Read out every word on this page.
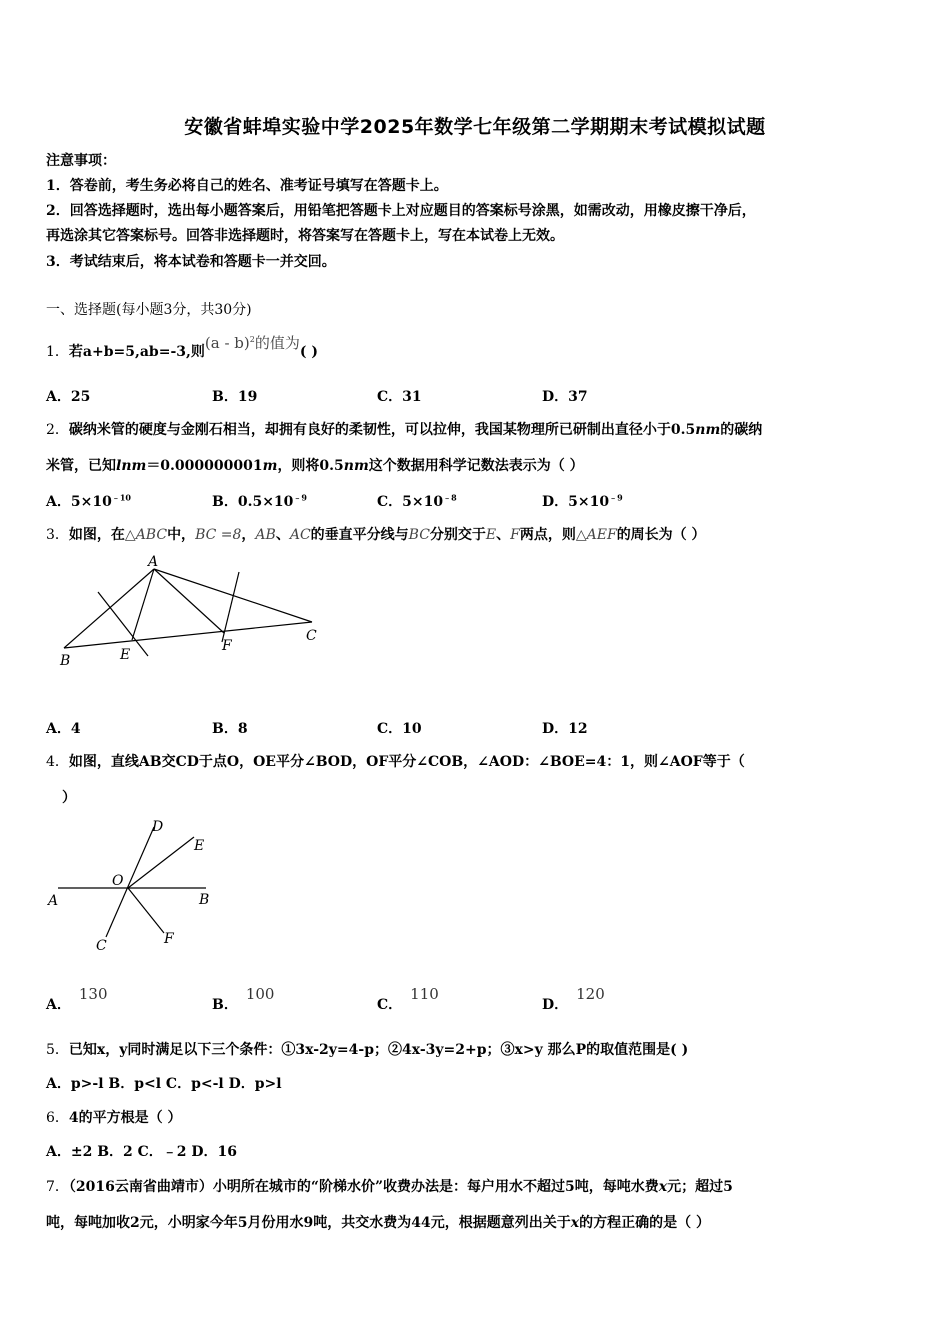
安徽省蚌埠实验中学2025年数学七年级第二学期期末考试模拟试题
注意事项：
1．答卷前，考生务必将自己的姓名、准考证号填写在答题卡上。
2．回答选择题时，选出每小题答案后，用铅笔把答题卡上对应题目的答案标号涂黑，如需改动，用橡皮擦干净后，
再选涂其它答案标号。回答非选择题时，将答案写在答题卡上，写在本试卷上无效。
3．考试结束后，将本试卷和答题卡一并交回。
一、选择题(每小题3分，共30分)
1．若a+b=5,ab=-3,则(a - b)$^2$的值为( )
A．25	B．19	C．31	D．37
2．碳纳米管的硬度与金刚石相当，却拥有良好的柔韧性，可以拉伸，我国某物理所已研制出直径小于0.5nm的碳纳
米管，已知lnm＝0.000000001m，则将0.5nm这个数据用科学记数法表示为（ ）
A．$5\times 10^{﹣10}$	B．$0.5\times 10^{﹣9}$	C．$5\times 10^{﹣8}$	D．$5\times 10^{﹣9}$
3．如图，在△ABC中，BC =8，AB、AC的垂直平分线与BC分别交于E、F两点，则△AEF的周长为（ ）
A
B
C
E
F
A．4	B．8	C．10	D．12
4．如图，直线AB交CD于点O，OE平分∠BOD，OF平分∠COB，∠AOD：∠BOE=4：1，则∠AOF等于（
）
A	B
C
D
E
F
O
A．130
B．100
C．110
D．120
5．已知x，y同时满足以下三个条件：①3x-2y=4-p；②4x-3y=2+p；③x>y 那么P的取值范围是( )
A．p>-l B．p<l C．p<-l D．p>l
6．4的平方根是（ ）
A．±2 B．2 C．﹣2 D．16
7．（2016云南省曲靖市）小明所在城市的“阶梯水价”收费办法是：每户用水不超过5吨，每吨水费x元；超过5
吨，每吨加收2元，小明家今年5月份用水9吨，共交水费为44元，根据题意列出关于x的方程正确的是（ ）
